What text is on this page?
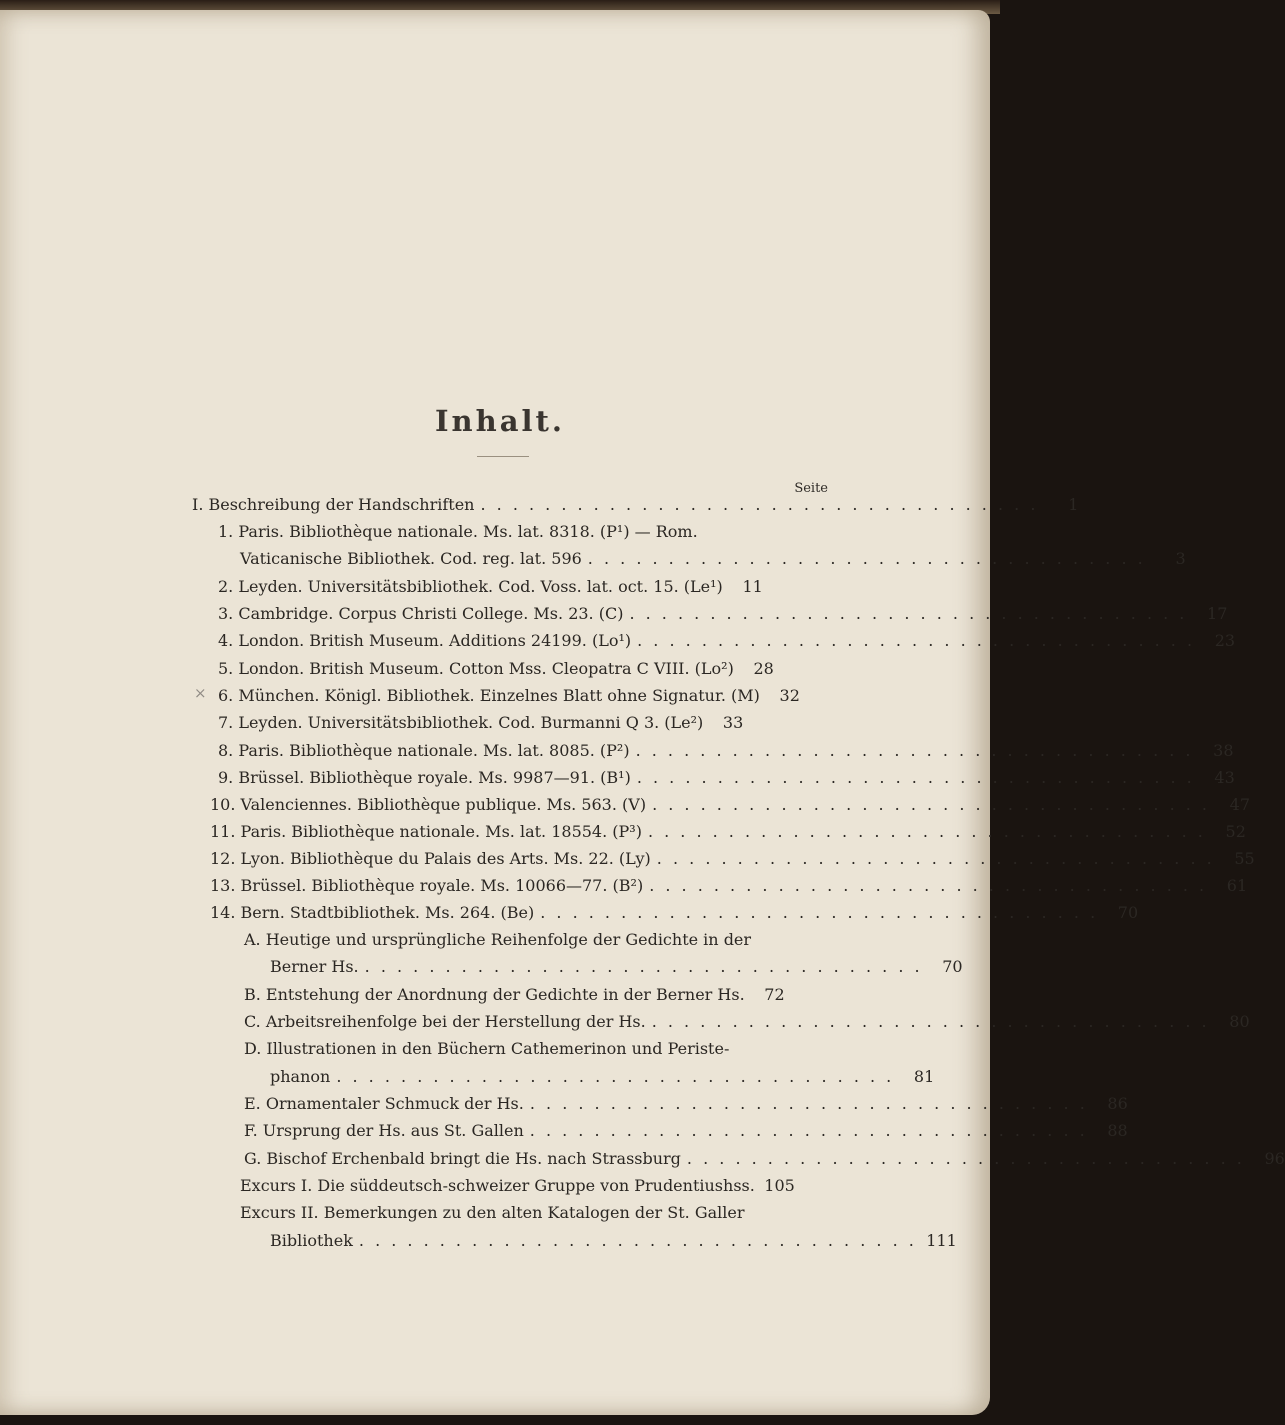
Inhalt.
Seite
×
I. Beschreibung der Handschriften . . .	1
1. Paris. Bibliothèque nationale. Ms. lat. 8318. (P¹) — Rom.
Vaticanische Bibliothek. Cod. reg. lat. 596 . . .	3
2. Leyden. Universitätsbibliothek. Cod. Voss. lat. oct. 15. (Le¹)	11
3. Cambridge. Corpus Christi College. Ms. 23. (C) . . .	17
4. London. British Museum. Additions 24199. (Lo¹) . . .	23
5. London. British Museum. Cotton Mss. Cleopatra C VIII. (Lo²)	28
6. München. Königl. Bibliothek. Einzelnes Blatt ohne Signatur. (M)	32
7. Leyden. Universitätsbibliothek. Cod. Burmanni Q 3. (Le²)	33
8. Paris. Bibliothèque nationale. Ms. lat. 8085. (P²) . . .	38
9. Brüssel. Bibliothèque royale. Ms. 9987—91. (B¹) . . .	43
10. Valenciennes. Bibliothèque publique. Ms. 563. (V) . . .	47
11. Paris. Bibliothèque nationale. Ms. lat. 18554. (P³) . . .	52
12. Lyon. Bibliothèque du Palais des Arts. Ms. 22. (Ly) . . .	55
13. Brüssel. Bibliothèque royale. Ms. 10066—77. (B²) . . .	61
14. Bern. Stadtbibliothek. Ms. 264. (Be) . . .	70
A. Heutige und ursprüngliche Reihenfolge der Gedichte in der
Berner Hs. . . .	70
B. Entstehung der Anordnung der Gedichte in der Berner Hs.	72
C. Arbeitsreihenfolge bei der Herstellung der Hs. . . .	80
D. Illustrationen in den Büchern Cathemerinon und Periste-
phanon . . .	81
E. Ornamentaler Schmuck der Hs. . . .	86
F. Ursprung der Hs. aus St. Gallen . . .	88
G. Bischof Erchenbald bringt die Hs. nach Strassburg . . .	96
Excurs I. Die süddeutsch-schweizer Gruppe von Prudentiushss. 105
Excurs II. Bemerkungen zu den alten Katalogen der St. Galler
Bibliothek . . .	111
